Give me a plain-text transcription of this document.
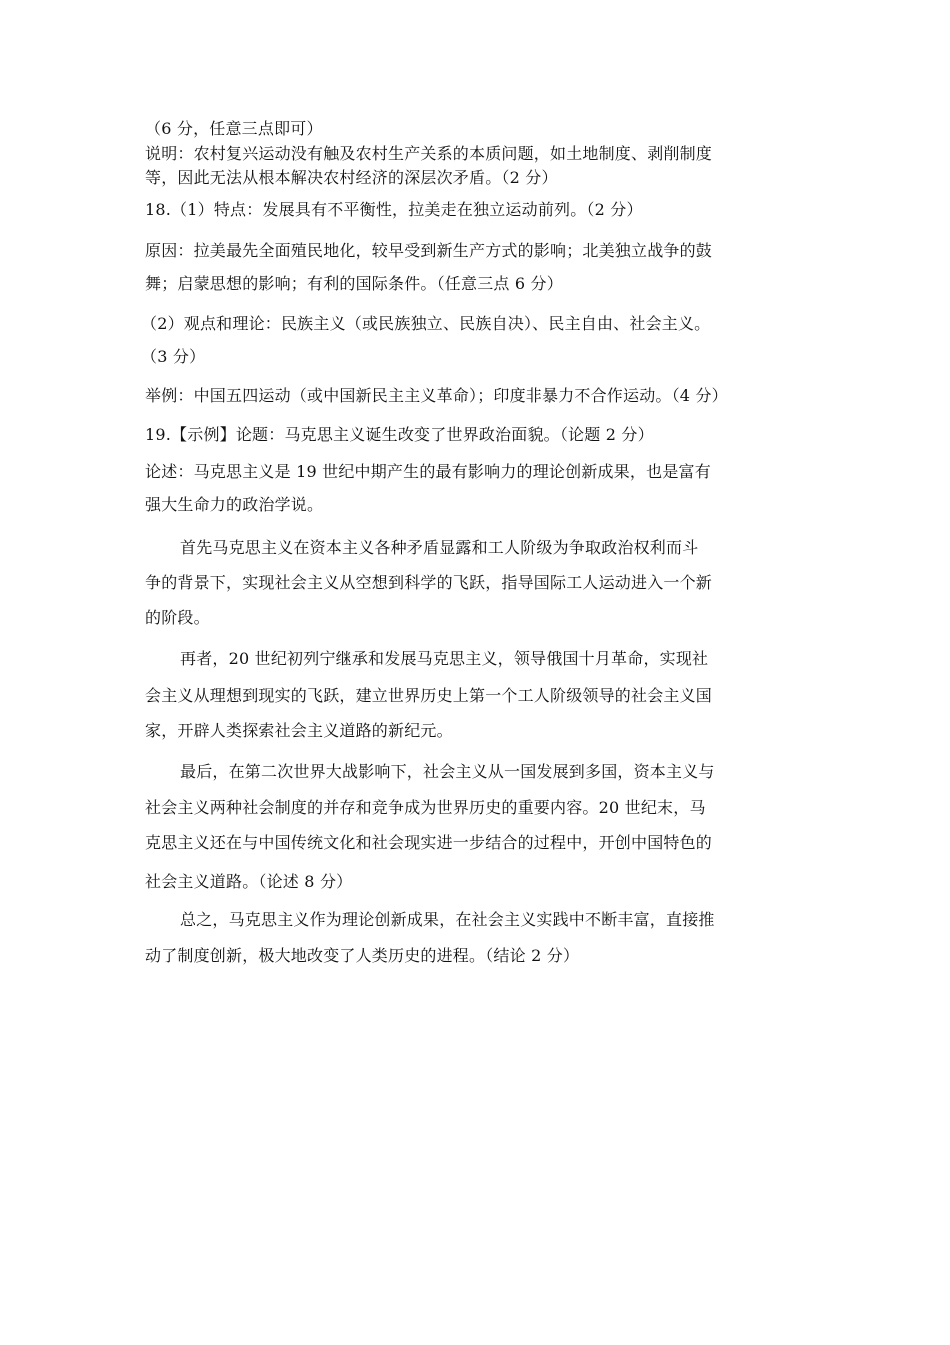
（6 分，任意三点即可）
说明：农村复兴运动没有触及农村生产关系的本质问题，如土地制度、剥削制度
等，因此无法从根本解决农村经济的深层次矛盾。（2 分）
18.（1）特点：发展具有不平衡性，拉美走在独立运动前列。（2 分）
原因：拉美最先全面殖民地化，较早受到新生产方式的影响；北美独立战争的鼓
舞；启蒙思想的影响；有利的国际条件。（任意三点 6 分）
（2）观点和理论：民族主义（或民族独立、民族自决）、民主自由、社会主义。
（3 分）
举例：中国五四运动（或中国新民主主义革命）；印度非暴力不合作运动。（4 分）
19.【示例】论题：马克思主义诞生改变了世界政治面貌。（论题 2 分）
论述：马克思主义是 19 世纪中期产生的最有影响力的理论创新成果，也是富有
强大生命力的政治学说。
首先马克思主义在资本主义各种矛盾显露和工人阶级为争取政治权利而斗
争的背景下，实现社会主义从空想到科学的飞跃，指导国际工人运动进入一个新
的阶段。
再者，20 世纪初列宁继承和发展马克思主义，领导俄国十月革命，实现社
会主义从理想到现实的飞跃，建立世界历史上第一个工人阶级领导的社会主义国
家，开辟人类探索社会主义道路的新纪元。
最后，在第二次世界大战影响下，社会主义从一国发展到多国，资本主义与
社会主义两种社会制度的并存和竞争成为世界历史的重要内容。20 世纪末，马
克思主义还在与中国传统文化和社会现实进一步结合的过程中，开创中国特色的
社会主义道路。（论述 8 分）
总之，马克思主义作为理论创新成果，在社会主义实践中不断丰富，直接推
动了制度创新，极大地改变了人类历史的进程。（结论 2 分）
